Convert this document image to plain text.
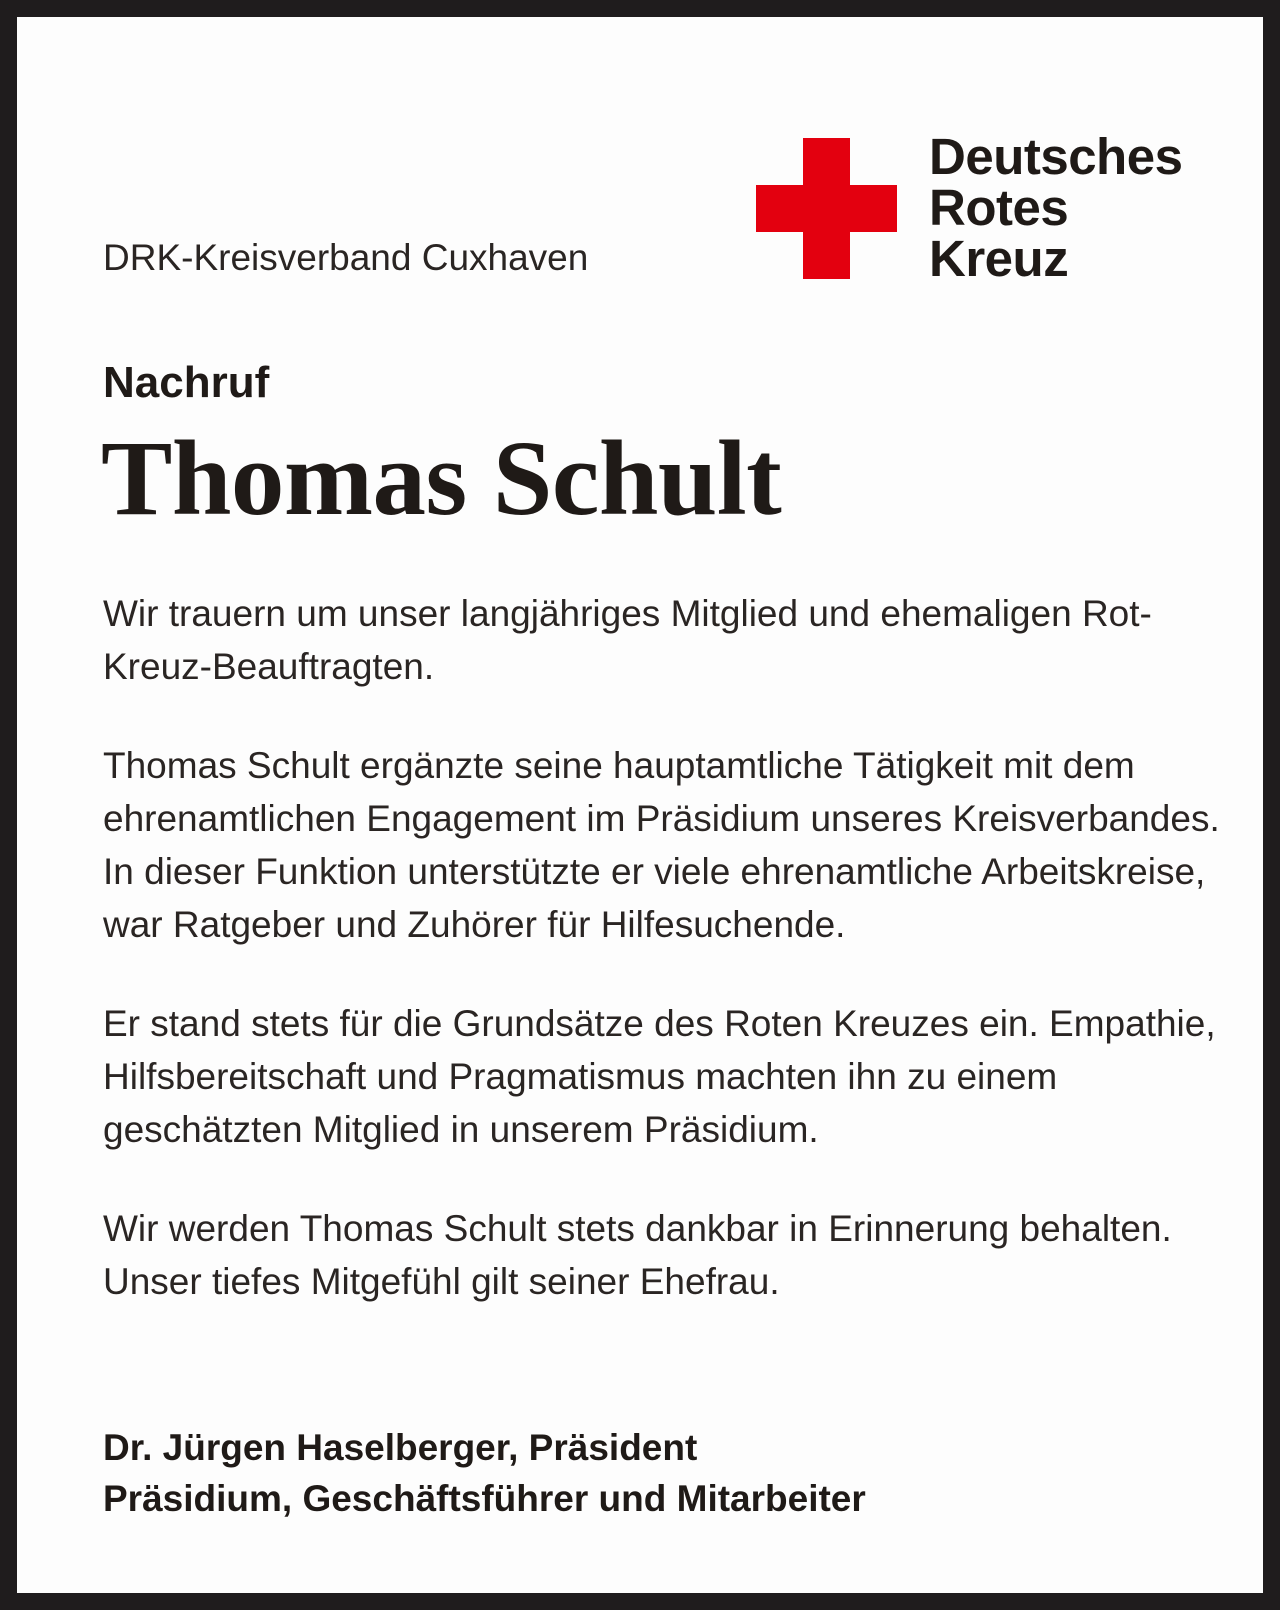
DRK-Kreisverband Cuxhaven
Deutsches
Rotes
Kreuz
Nachruf
Thomas Schult

Wir trauern um unser langjähriges Mitglied und ehemaligen Rot-Kreuz-Beauftragten.

Thomas Schult ergänzte seine hauptamtliche Tätigkeit mit dem ehrenamtlichen Engagement im Präsidium unseres Kreisverbandes. In dieser Funktion unterstützte er viele ehrenamtliche Arbeitskreise, war Ratgeber und Zuhörer für Hilfesuchende.

Er stand stets für die Grundsätze des Roten Kreuzes ein. Empathie, Hilfsbereitschaft und Pragmatismus machten ihn zu einem geschätzten Mitglied in unserem Präsidium.

Wir werden Thomas Schult stets dankbar in Erinnerung behalten. Unser tiefes Mitgefühl gilt seiner Ehefrau.

Dr. Jürgen Haselberger, Präsident
Präsidium, Geschäftsführer und Mitarbeiter
